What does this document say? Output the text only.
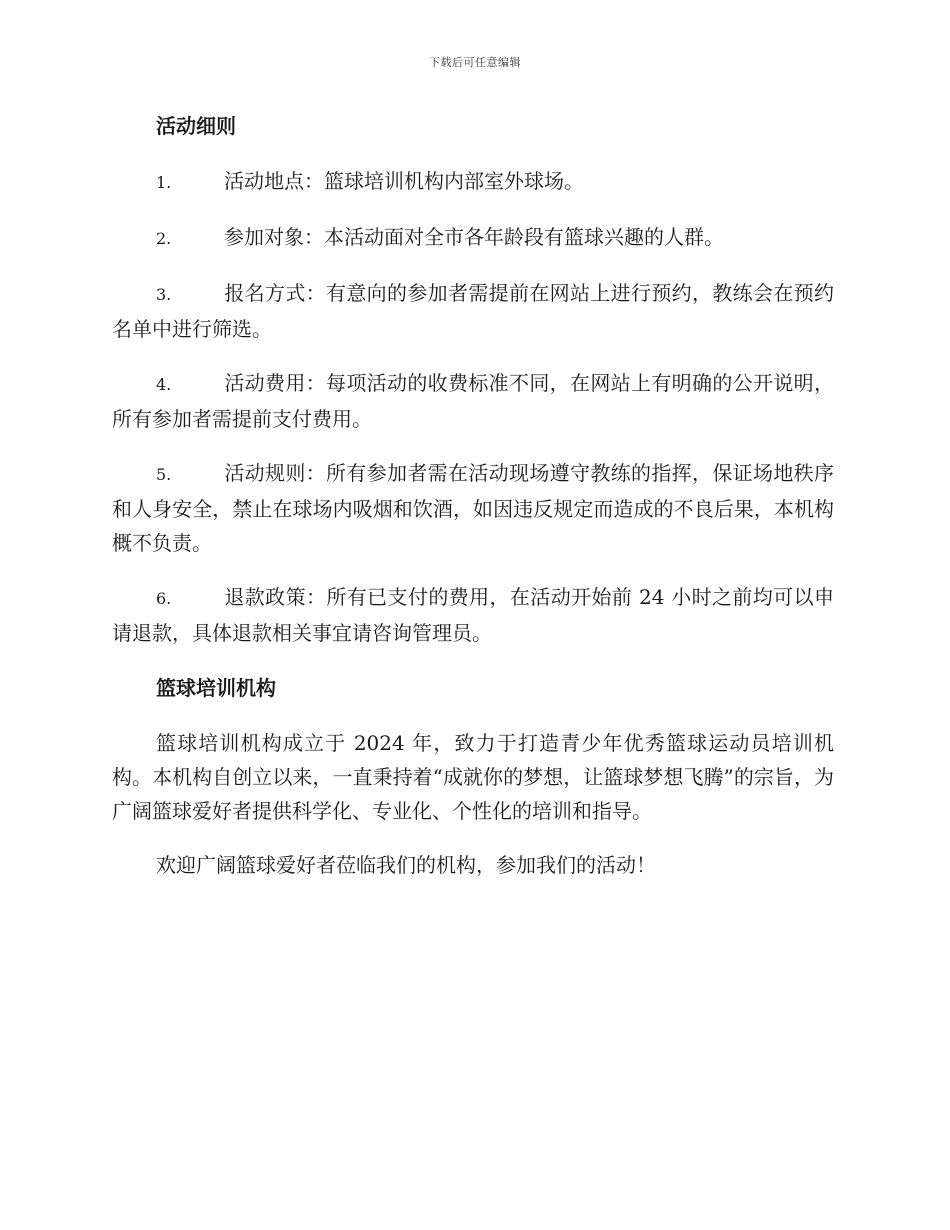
下载后可任意编辑
活动细则
1.	活动地点：篮球培训机构内部室外球场。
2.	参加对象：本活动面对全市各年龄段有篮球兴趣的人群。
3.	报名方式：有意向的参加者需提前在网站上进行预约，教练会在预约名单中进行筛选。
4.	活动费用：每项活动的收费标准不同，在网站上有明确的公开说明，所有参加者需提前支付费用。
5.	活动规则：所有参加者需在活动现场遵守教练的指挥，保证场地秩序和人身安全，禁止在球场内吸烟和饮酒，如因违反规定而造成的不良后果，本机构概不负责。
6.	退款政策：所有已支付的费用，在活动开始前 24 小时之前均可以申请退款，具体退款相关事宜请咨询管理员。
篮球培训机构
篮球培训机构成立于 2024 年，致力于打造青少年优秀篮球运动员培训机构。本机构自创立以来，一直秉持着“成就你的梦想，让篮球梦想飞腾”的宗旨，为广阔篮球爱好者提供科学化、专业化、个性化的培训和指导。
欢迎广阔篮球爱好者莅临我们的机构，参加我们的活动！
